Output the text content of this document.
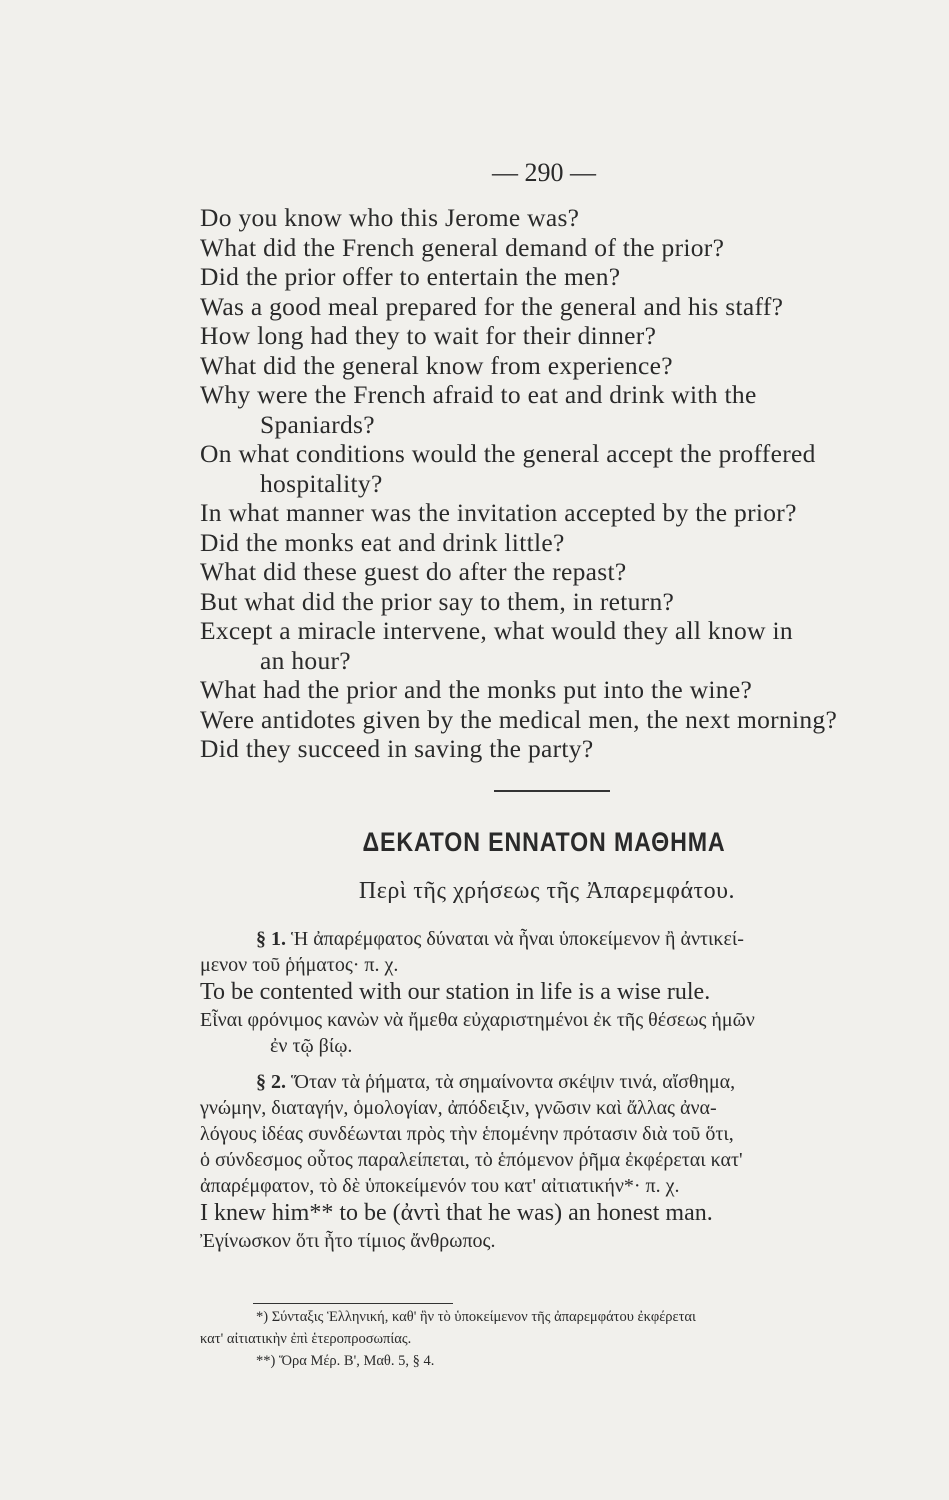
— 290 —
Do you know who this Jerome was?
What did the French general demand of the prior?
Did the prior offer to entertain the men?
Was a good meal prepared for the general and his staff?
How long had they to wait for their dinner?
What did the general know from experience?
Why were the French afraid to eat and drink with the
Spaniards?
On what conditions would the general accept the proffered
hospitality?
In what manner was the invitation accepted by the prior?
Did the monks eat and drink little?
What did these guest do after the repast?
But what did the prior say to them, in return?
Except a miracle intervene, what would they all know in
an hour?
What had the prior and the monks put into the wine?
Were antidotes given by the medical men, the next morning?
Did they succeed in saving the party?
ΔΕΚΑΤΟΝ ΕΝΝΑΤΟΝ ΜΑΘΗΜΑ
Περὶ τῆς χρήσεως τῆς Ἀπαρεμφάτου.

§ 1. Ἡ ἀπαρέμφατος δύναται νὰ ἦναι ὑποκείμενον ἢ ἀντικεί-

μενον τοῦ ῥήματος· π. χ.

To be contented with our station in life is a wise rule.

Εἶναι φρόνιμος κανὼν νὰ ἤμεθα εὐχαριστημένοι ἐκ τῆς θέσεως ἡμῶν

ἐν τῷ βίῳ.

§ 2. Ὅταν τὰ ῥήματα, τὰ σημαίνοντα σκέψιν τινά, αἴσθημα,

γνώμην, διαταγήν, ὁμολογίαν, ἀπόδειξιν, γνῶσιν καὶ ἄλλας ἀνα-

λόγους ἰδέας συνδέωνται πρὸς τὴν ἑπομένην πρότασιν διὰ τοῦ ὅτι,

ὁ σύνδεσμος οὗτος παραλείπεται, τὸ ἑπόμενον ῥῆμα ἐκφέρεται κατ'

ἀπαρέμφατον, τὸ δὲ ὑποκείμενόν του κατ' αἰτιατικήν*· π. χ.

I knew him** to be (ἀντὶ that he was) an honest man.

Ἐγίνωσκον ὅτι ἦτο τίμιος ἄνθρωπος.

*) Σύνταξις Ἑλληνική, καθ' ἣν τὸ ὑποκείμενον τῆς ἀπαρεμφάτου ἐκφέρεται

κατ' αἰτιατικὴν ἐπὶ ἑτεροπροσωπίας.

**) Ὅρα Μέρ. Β', Μαθ. 5, § 4.
